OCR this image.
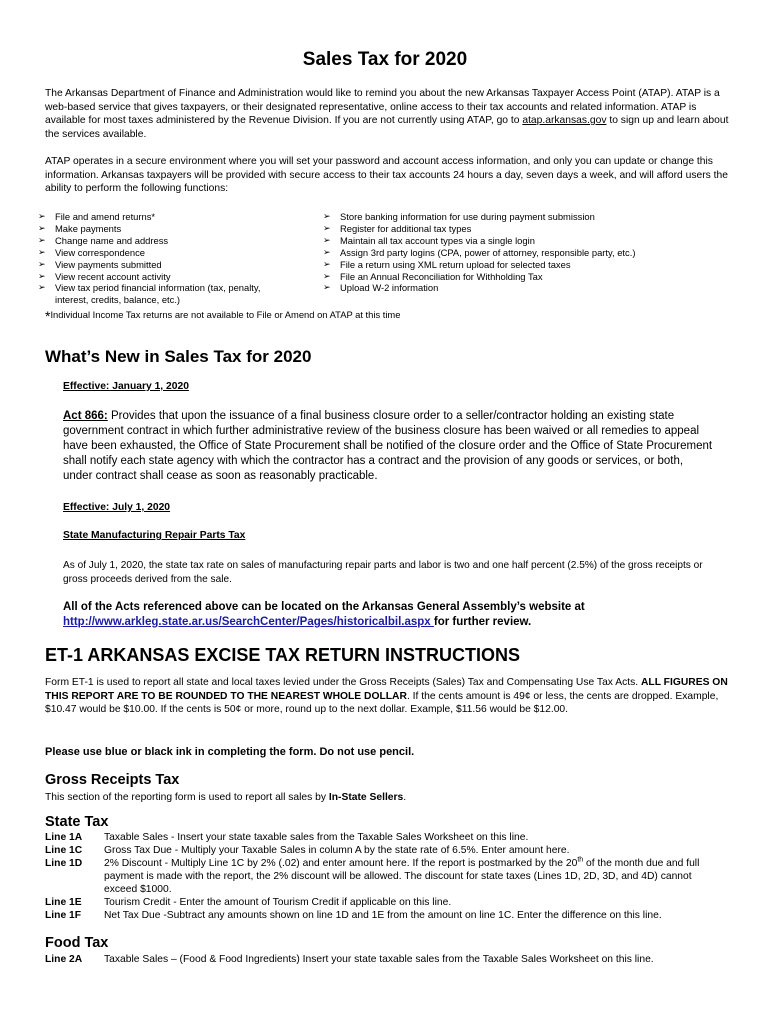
Sales Tax for 2020

The Arkansas Department of Finance and Administration would like to remind you about the new Arkansas Taxpayer Access Point (ATAP). ATAP is a web-based service that gives taxpayers, or their designated representative, online access to their tax accounts and related information. ATAP is available for most taxes administered by the Revenue Division. If you are not currently using ATAP, go to atap.arkansas.gov to sign up and learn about the services available.

ATAP operates in a secure environment where you will set your password and account access information, and only you can update or change this information. Arkansas taxpayers will be provided with secure access to their tax accounts 24 hours a day, seven days a week, and will afford users the ability to perform the following functions:

➢ File and amend returns*
➢ Make payments
➢ Change name and address
➢ View correspondence
➢ View payments submitted
➢ View recent account activity
➢ View tax period financial information (tax, penalty, interest, credits, balance, etc.)
➢ Store banking information for use during payment submission
➢ Register for additional tax types
➢ Maintain all tax account types via a single login
➢ Assign 3rd party logins (CPA, power of attorney, responsible party, etc.)
➢ File a return using XML return upload for selected taxes
➢ File an Annual Reconciliation for Withholding Tax
➢ Upload W-2 information
*Individual Income Tax returns are not available to File or Amend on ATAP at this time
What’s New in Sales Tax for 2020

Effective: January 1, 2020

Act 866: Provides that upon the issuance of a final business closure order to a seller/contractor holding an existing state government contract in which further administrative review of the business closure has been waived or all remedies to appeal have been exhausted, the Office of State Procurement shall be notified of the closure order and the Office of State Procurement shall notify each state agency with which the contractor has a contract and the provision of any goods or services, or both, under contract shall cease as soon as reasonably practicable.

Effective: July 1, 2020

State Manufacturing Repair Parts Tax

As of July 1, 2020, the state tax rate on sales of manufacturing repair parts and labor is two and one half percent (2.5%) of the gross receipts or gross proceeds derived from the sale.

All of the Acts referenced above can be located on the Arkansas General Assembly’s website at http://www.arkleg.state.ar.us/SearchCenter/Pages/historicalbil.aspx for further review.

ET-1 ARKANSAS EXCISE TAX RETURN INSTRUCTIONS

Form ET-1 is used to report all state and local taxes levied under the Gross Receipts (Sales) Tax and Compensating Use Tax Acts. ALL FIGURES ON THIS REPORT ARE TO BE ROUNDED TO THE NEAREST WHOLE DOLLAR. If the cents amount is 49¢ or less, the cents are dropped. Example, $10.47 would be $10.00. If the cents is 50¢ or more, round up to the next dollar. Example, $11.56 would be $12.00.

Please use blue or black ink in completing the form. Do not use pencil.

Gross Receipts Tax

This section of the reporting form is used to report all sales by In-State Sellers.

State Tax
Line 1A	Taxable Sales - Insert your state taxable sales from the Taxable Sales Worksheet on this line.
Line 1C	Gross Tax Due - Multiply your Taxable Sales in column A by the state rate of 6.5%. Enter amount here.
Line 1D	2% Discount - Multiply Line 1C by 2% (.02) and enter amount here. If the report is postmarked by the 20th of the month due and full payment is made with the report, the 2% discount will be allowed. The discount for state taxes (Lines 1D, 2D, 3D, and 4D) cannot exceed $1000.
Line 1E	Tourism Credit - Enter the amount of Tourism Credit if applicable on this line.
Line 1F	Net Tax Due -Subtract any amounts shown on line 1D and 1E from the amount on line 1C. Enter the difference on this line.
Food Tax
Line 2A	Taxable Sales – (Food & Food Ingredients) Insert your state taxable sales from the Taxable Sales Worksheet on this line.
